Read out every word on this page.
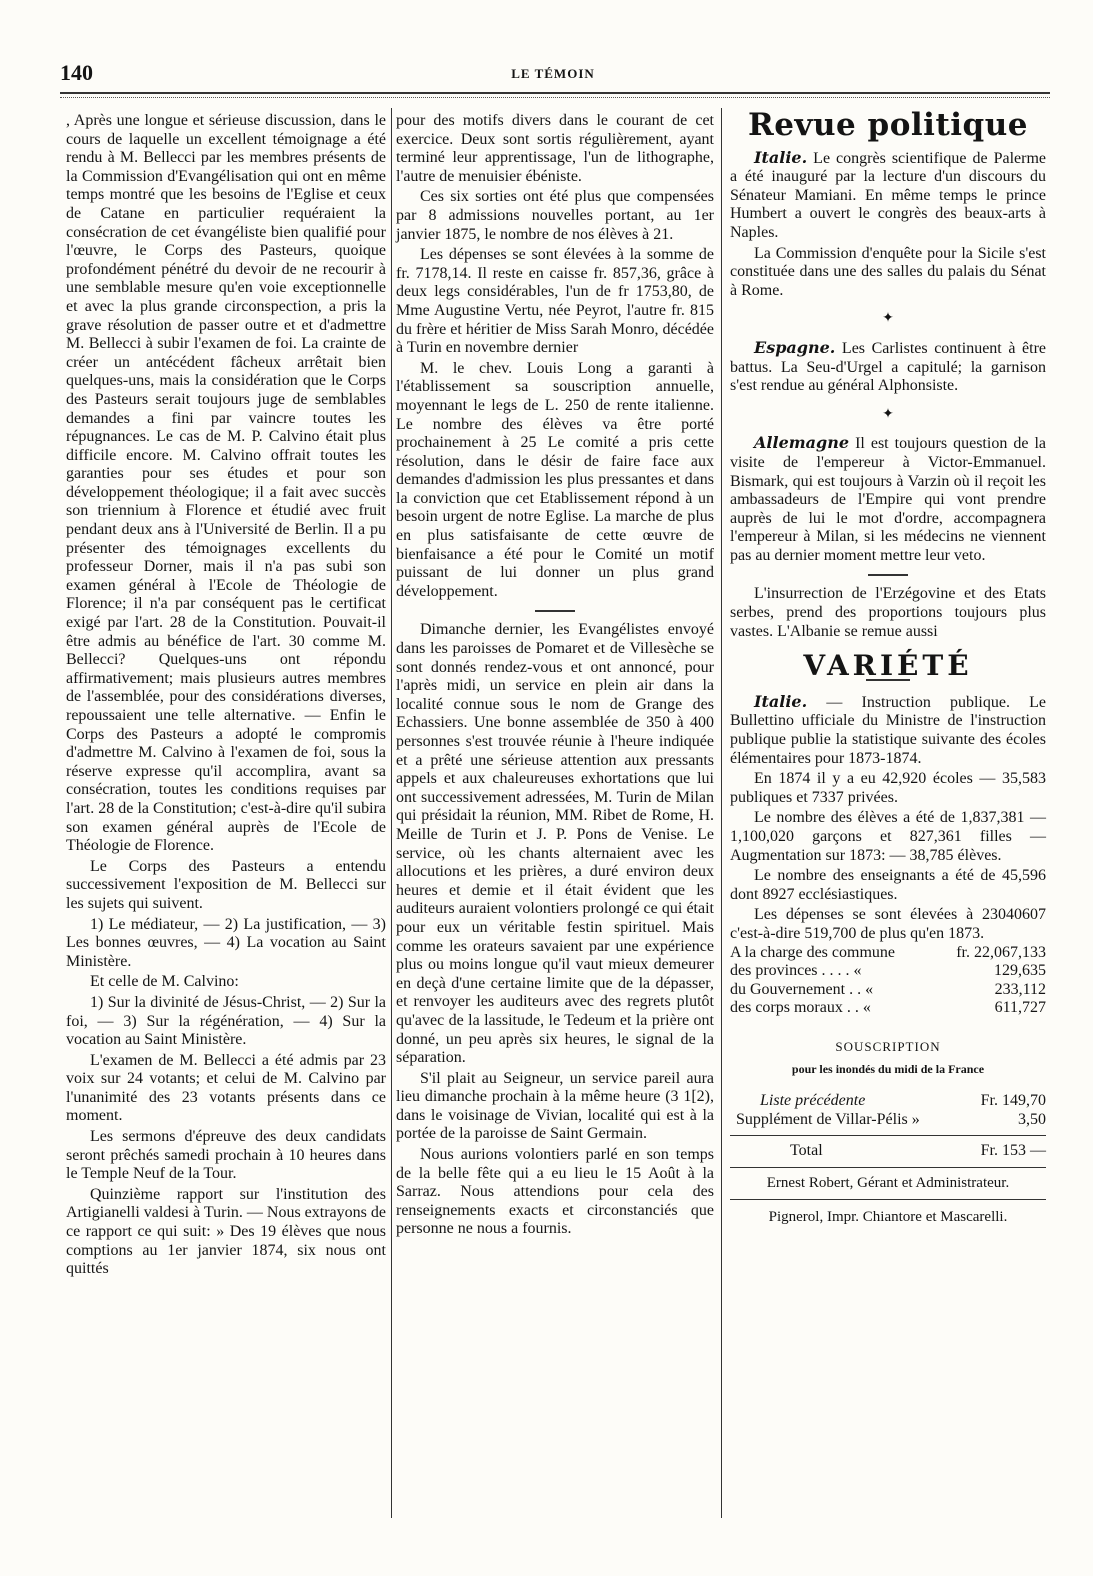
140	LE TÉMOIN

, Après une longue et sérieuse discussion, dans le cours de laquelle un excellent témoignage a été rendu à M. Bellecci par les membres présents de la Commission d'Evangélisation qui ont en même temps montré que les besoins de l'Eglise et ceux de Catane en particulier requéraient la consécration de cet évangéliste bien qualifié pour l'œuvre, le Corps des Pasteurs, quoique profondément pénétré du devoir de ne recourir à une semblable mesure qu'en voie exceptionnelle et avec la plus grande circonspection, a pris la grave résolution de passer outre et et d'admettre M. Bellecci à subir l'examen de foi. La crainte de créer un antécédent fâcheux arrêtait bien quelques-uns, mais la considération que le Corps des Pasteurs serait toujours juge de semblables demandes a fini par vaincre toutes les répugnances. Le cas de M. P. Calvino était plus difficile encore. M. Calvino offrait toutes les garanties pour ses études et pour son développement théologique; il a fait avec succès son triennium à Florence et étudié avec fruit pendant deux ans à l'Université de Berlin. Il a pu présenter des témoignages excellents du professeur Dorner, mais il n'a pas subi son examen général à l'Ecole de Théologie de Florence; il n'a par conséquent pas le certificat exigé par l'art. 28 de la Constitution. Pouvait-il être admis au bénéfice de l'art. 30 comme M. Bellecci? Quelques-uns ont répondu affirmativement; mais plusieurs autres membres de l'assemblée, pour des considérations diverses, repoussaient une telle alternative. — Enfin le Corps des Pasteurs a adopté le compromis d'admettre M. Calvino à l'examen de foi, sous la réserve expresse qu'il accomplira, avant sa consécration, toutes les conditions requises par l'art. 28 de la Constitution; c'est-à-dire qu'il subira son examen général auprès de l'Ecole de Théologie de Florence.

Le Corps des Pasteurs a entendu successivement l'exposition de M. Bellecci sur les sujets qui suivent.

1) Le médiateur, — 2) La justification, — 3) Les bonnes œuvres, — 4) La vocation au Saint Ministère.

Et celle de M. Calvino:

1) Sur la divinité de Jésus-Christ, — 2) Sur la foi, — 3) Sur la régénération, — 4) Sur la vocation au Saint Ministère.

L'examen de M. Bellecci a été admis par 23 voix sur 24 votants; et celui de M. Calvino par l'unanimité des 23 votants présents dans ce moment.

Les sermons d'épreuve des deux candidats seront prêchés samedi prochain à 10 heures dans le Temple Neuf de la Tour.

Quinzième rapport sur l'institution des Artigianelli valdesi à Turin. — Nous extrayons de ce rapport ce qui suit: » Des 19 élèves que nous comptions au 1er janvier 1874, six nous ont quittés

pour des motifs divers dans le courant de cet exercice. Deux sont sortis régulièrement, ayant terminé leur apprentissage, l'un de lithographe, l'autre de menuisier ébéniste.

Ces six sorties ont été plus que compensées par 8 admissions nouvelles portant, au 1er janvier 1875, le nombre de nos élèves à 21.

Les dépenses se sont élevées à la somme de fr. 7178,14. Il reste en caisse fr. 857,36, grâce à deux legs considérables, l'un de fr 1753,80, de Mme Augustine Vertu, née Peyrot, l'autre fr. 815 du frère et héritier de Miss Sarah Monro, décédée à Turin en novembre dernier

M. le chev. Louis Long a garanti à l'établissement sa souscription annuelle, moyennant le legs de L. 250 de rente italienne. Le nombre des élèves va être porté prochainement à 25 Le comité a pris cette résolution, dans le désir de faire face aux demandes d'admission les plus pressantes et dans la conviction que cet Etablissement répond à un besoin urgent de notre Eglise. La marche de plus en plus satisfaisante de cette œuvre de bienfaisance a été pour le Comité un motif puissant de lui donner un plus grand développement.

Dimanche dernier, les Evangélistes envoyé dans les paroisses de Pomaret et de Villesèche se sont donnés rendez-vous et ont annoncé, pour l'après midi, un service en plein air dans la localité connue sous le nom de Grange des Echassiers. Une bonne assemblée de 350 à 400 personnes s'est trouvée réunie à l'heure indiquée et a prêté une sérieuse attention aux pressants appels et aux chaleureuses exhortations que lui ont successivement adressées, M. Turin de Milan qui présidait la réunion, MM. Ribet de Rome, H. Meille de Turin et J. P. Pons de Venise. Le service, où les chants alternaient avec les allocutions et les prières, a duré environ deux heures et demie et il était évident que les auditeurs auraient volontiers prolongé ce qui était pour eux un véritable festin spirituel. Mais comme les orateurs savaient par une expérience plus ou moins longue qu'il vaut mieux demeurer en deçà d'une certaine limite que de la dépasser, et renvoyer les auditeurs avec des regrets plutôt qu'avec de la lassitude, le Tedeum et la prière ont donné, un peu après six heures, le signal de la séparation.

S'il plait au Seigneur, un service pareil aura lieu dimanche prochain à la même heure (3 1[2), dans le voisinage de Vivian, localité qui est à la portée de la paroisse de Saint Germain.

Nous aurions volontiers parlé en son temps de la belle fête qui a eu lieu le 15 Août à la Sarraz. Nous attendions pour cela des renseignements exacts et circonstanciés que personne ne nous a fournis.

Revue politique

Italie. Le congrès scientifique de Palerme a été inauguré par la lecture d'un discours du Sénateur Mamiani. En même temps le prince Humbert a ouvert le congrès des beaux-arts à Naples.

La Commission d'enquête pour la Sicile s'est constituée dans une des salles du palais du Sénat à Rome.

✦

Espagne. Les Carlistes continuent à être battus. La Seu-d'Urgel a capitulé; la garnison s'est rendue au général Alphonsiste.

✦

Allemagne Il est toujours question de la visite de l'empereur à Victor-Emmanuel. Bismark, qui est toujours à Varzin où il reçoit les ambassadeurs de l'Empire qui vont prendre auprès de lui le mot d'ordre, accompagnera l'empereur à Milan, si les médecins ne viennent pas au dernier moment mettre leur veto.

L'insurrection de l'Erzégovine et des Etats serbes, prend des proportions toujours plus vastes. L'Albanie se remue aussi

VARIÉTÉ

Italie. — Instruction publique. Le Bullettino ufficiale du Ministre de l'instruction publique publie la statistique suivante des écoles élémentaires pour 1873-1874.

En 1874 il y a eu 42,920 écoles — 35,583 publiques et 7337 privées.

Le nombre des élèves a été de 1,837,381 — 1,100,020 garçons et 827,361 filles — Augmentation sur 1873: — 38,785 élèves.

Le nombre des enseignants a été de 45,596 dont 8927 ecclésiastiques.

Les dépenses se sont élevées à 23040607 c'est-à-dire 519,700 de plus qu'en 1873.

A la charge des commune	fr. 22,067,133
des provinces . . . . «	129,635
du Gouvernement . . «	233,112
des corps moraux . . «	611,727
SOUSCRIPTION
pour les inondés du midi de la France
Liste précédente	Fr. 149,70
Supplément de Villar-Pélis »	3,50
Total	Fr. 153 —
Ernest Robert, Gérant et Administrateur.
Pignerol, Impr. Chiantore et Mascarelli.
